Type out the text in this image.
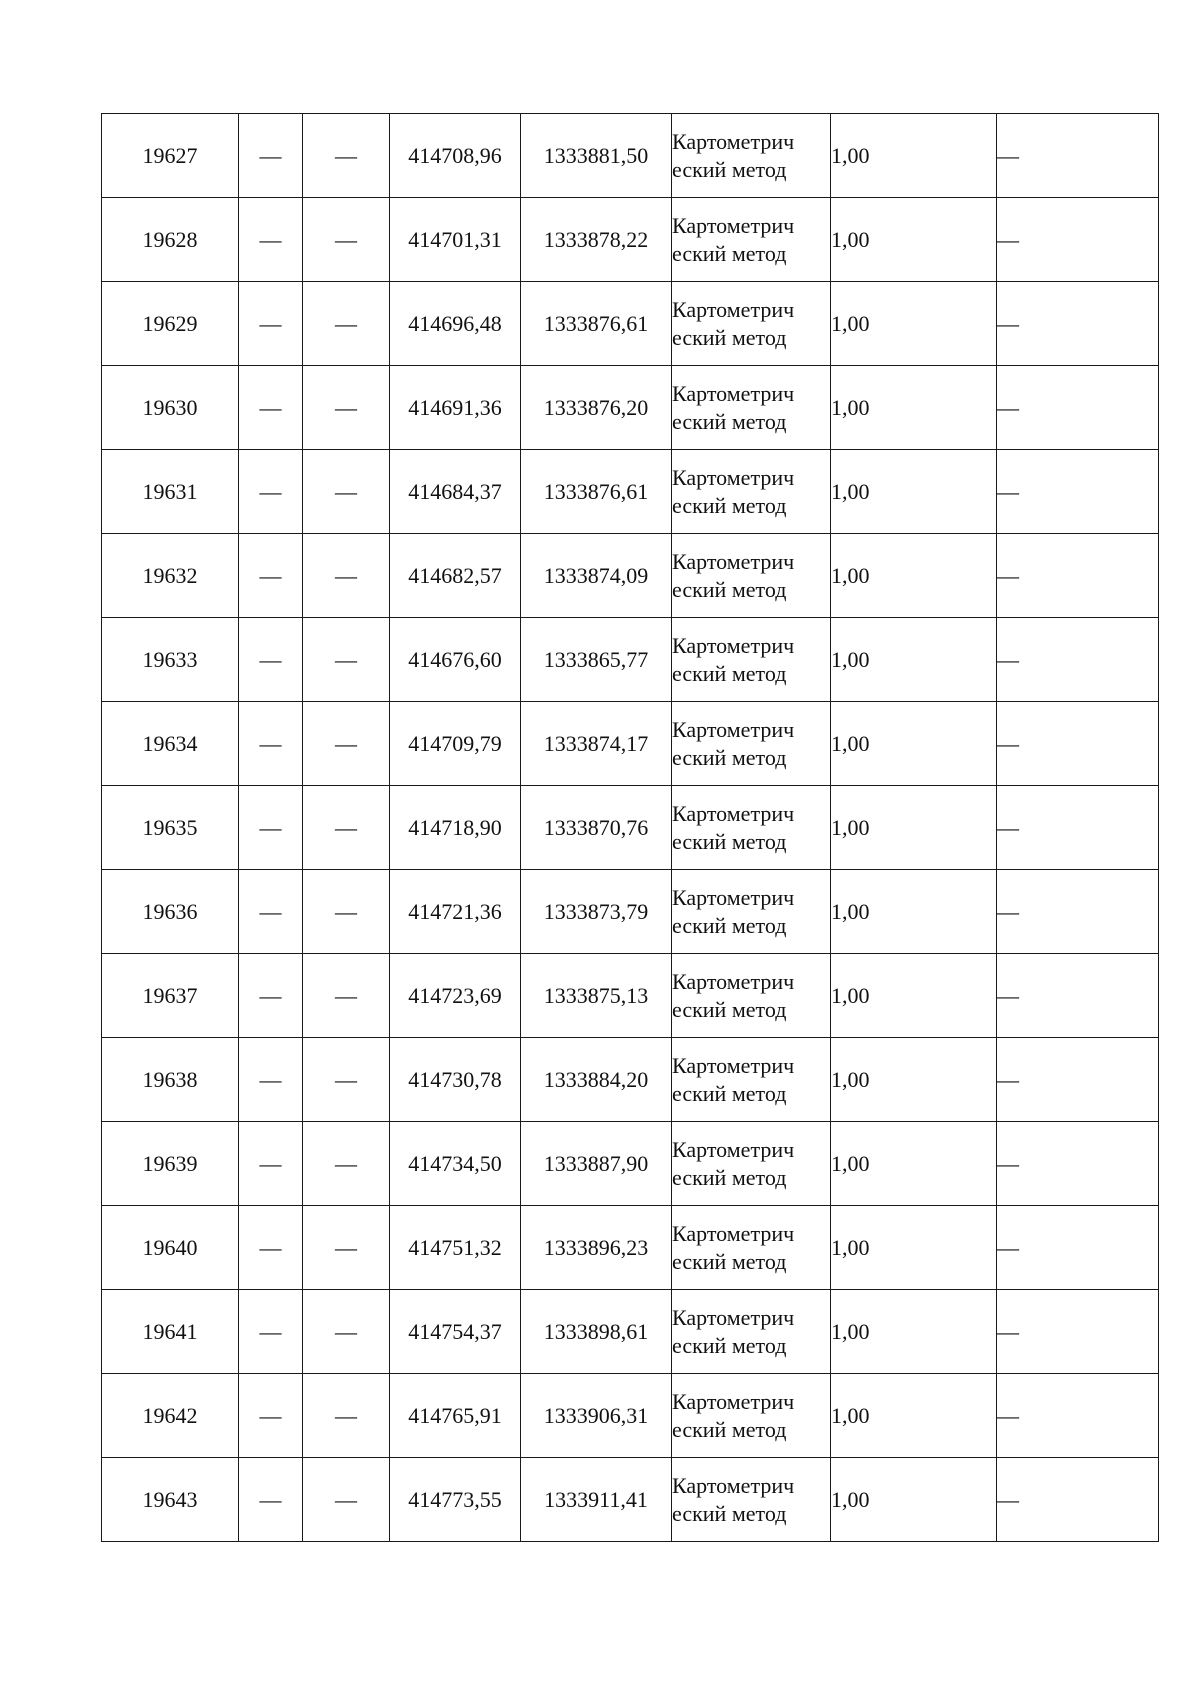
19627	—	—	414708,96	1333881,50	Картометрический метод	1,00	—
19628	—	—	414701,31	1333878,22	Картометрический метод	1,00	—
19629	—	—	414696,48	1333876,61	Картометрический метод	1,00	—
19630	—	—	414691,36	1333876,20	Картометрический метод	1,00	—
19631	—	—	414684,37	1333876,61	Картометрический метод	1,00	—
19632	—	—	414682,57	1333874,09	Картометрический метод	1,00	—
19633	—	—	414676,60	1333865,77	Картометрический метод	1,00	—
19634	—	—	414709,79	1333874,17	Картометрический метод	1,00	—
19635	—	—	414718,90	1333870,76	Картометрический метод	1,00	—
19636	—	—	414721,36	1333873,79	Картометрический метод	1,00	—
19637	—	—	414723,69	1333875,13	Картометрический метод	1,00	—
19638	—	—	414730,78	1333884,20	Картометрический метод	1,00	—
19639	—	—	414734,50	1333887,90	Картометрический метод	1,00	—
19640	—	—	414751,32	1333896,23	Картометрический метод	1,00	—
19641	—	—	414754,37	1333898,61	Картометрический метод	1,00	—
19642	—	—	414765,91	1333906,31	Картометрический метод	1,00	—
19643	—	—	414773,55	1333911,41	Картометрический метод	1,00	—
